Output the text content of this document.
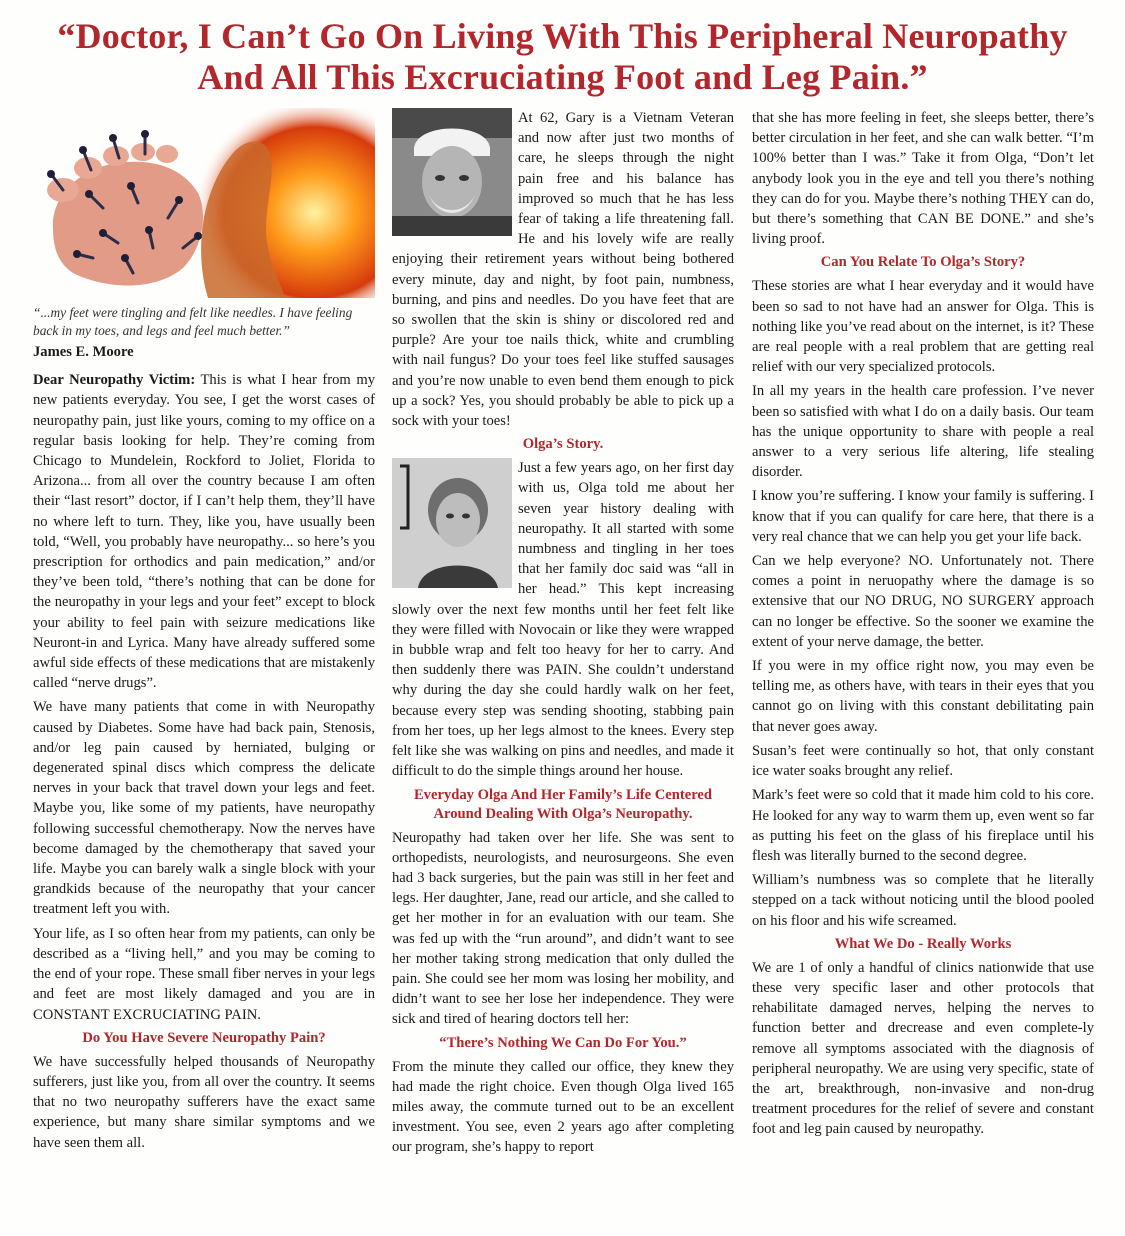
“Doctor, I Can’t Go On Living With This Peripheral Neuropathy
And All This Excruciating Foot and Leg Pain.”

“...my feet were tingling and felt like needles. I have feeling back in my toes, and legs and feel much better.”

James E. Moore

Dear Neuropathy Victim: This is what I hear from my new patients everyday. You see, I get the worst cases of neuropathy pain, just like yours, coming to my office on a regular basis looking for help. They’re coming from Chicago to Mundelein, Rockford to Joliet, Florida to Arizona... from all over the country because I am often their “last resort” doctor, if I can’t help them, they’ll have no where left to turn. They, like you, have usually been told, “Well, you probably have neuropathy... so here’s you prescription for orthodics and pain medication,” and/or they’ve been told, “there’s nothing that can be done for the neuropathy in your legs and your feet” except to block your ability to feel pain with seizure medications like Neuront-in and Lyrica. Many have already suffered some awful side effects of these medications that are mistakenly called “nerve drugs”.

We have many patients that come in with Neuropathy caused by Diabetes. Some have had back pain, Stenosis, and/or leg pain caused by herniated, bulging or degenerated spinal discs which compress the delicate nerves in your back that travel down your legs and feet. Maybe you, like some of my patients, have neuropathy following successful chemotherapy. Now the nerves have become damaged by the chemotherapy that saved your life. Maybe you can barely walk a single block with your grandkids because of the neuropathy that your cancer treatment left you with.

Your life, as I so often hear from my patients, can only be described as a “living hell,” and you may be coming to the end of your rope. These small fiber nerves in your legs and feet are most likely damaged and you are in CONSTANT EXCRUCIATING PAIN.

Do You Have Severe Neuropathy Pain?

We have successfully helped thousands of Neuropathy sufferers, just like you, from all over the country. It seems that no two neuropathy sufferers have the exact same experience, but many share similar symptoms and we have seen them all.

At 62, Gary is a Vietnam Veteran and now after just two months of care, he sleeps through the night pain free and his balance has improved so much that he has less fear of taking a life threatening fall. He and his lovely wife are really enjoying their retirement years without being bothered every minute, day and night, by foot pain, numbness, burning, and pins and needles. Do you have feet that are so swollen that the skin is shiny or discolored red and purple? Are your toe nails thick, white and crumbling with nail fungus? Do your toes feel like stuffed sausages and you’re now unable to even bend them enough to pick up a sock? Yes, you should probably be able to pick up a sock with your toes!

Olga’s Story.

Just a few years ago, on her first day with us, Olga told me about her seven year history dealing with neuropathy. It all started with some numbness and tingling in her toes that her family doc said was “all in her head.” This kept increasing slowly over the next few months until her feet felt like they were filled with Novocain or like they were wrapped in bubble wrap and felt too heavy for her to carry. And then suddenly there was PAIN. She couldn’t understand why during the day she could hardly walk on her feet, because every step was sending shooting, stabbing pain from her toes, up her legs almost to the knees. Every step felt like she was walking on pins and needles, and made it difficult to do the simple things around her house.

Everyday Olga And Her Family’s Life Centered Around Dealing With Olga’s Neuropathy.

Neuropathy had taken over her life. She was sent to orthopedists, neurologists, and neurosurgeons. She even had 3 back surgeries, but the pain was still in her feet and legs. Her daughter, Jane, read our article, and she called to get her mother in for an evaluation with our team. She was fed up with the “run around”, and didn’t want to see her mother taking strong medication that only dulled the pain. She could see her mom was losing her mobility, and didn’t want to see her lose her independence. They were sick and tired of hearing doctors tell her:

“There’s Nothing We Can Do For You.”

From the minute they called our office, they knew they had made the right choice. Even though Olga lived 165 miles away, the commute turned out to be an excellent investment. You see, even 2 years ago after completing our program, she’s happy to report

that she has more feeling in feet, she sleeps better, there’s better circulation in her feet, and she can walk better. “I’m 100% better than I was.” Take it from Olga, “Don’t let anybody look you in the eye and tell you there’s nothing they can do for you. Maybe there’s nothing THEY can do, but there’s something that CAN BE DONE.” and she’s living proof.

Can You Relate To Olga’s Story?

These stories are what I hear everyday and it would have been so sad to not have had an answer for Olga. This is nothing like you’ve read about on the internet, is it? These are real people with a real problem that are getting real relief with our very specialized protocols.

In all my years in the health care profession. I’ve never been so satisfied with what I do on a daily basis. Our team has the unique opportunity to share with people a real answer to a very serious life altering, life stealing disorder.

I know you’re suffering. I know your family is suffering. I know that if you can qualify for care here, that there is a very real chance that we can help you get your life back.

Can we help everyone? NO. Unfortunately not. There comes a point in neruopathy where the damage is so extensive that our NO DRUG, NO SURGERY approach can no longer be effective. So the sooner we examine the extent of your nerve damage, the better.

If you were in my office right now, you may even be telling me, as others have, with tears in their eyes that you cannot go on living with this constant debilitating pain that never goes away.

Susan’s feet were continually so hot, that only constant ice water soaks brought any relief.

Mark’s feet were so cold that it made him cold to his core. He looked for any way to warm them up, even went so far as putting his feet on the glass of his fireplace until his flesh was literally burned to the second degree.

William’s numbness was so complete that he literally stepped on a tack without noticing until the blood pooled on his floor and his wife screamed.

What We Do - Really Works

We are 1 of only a handful of clinics nationwide that use these very specific laser and other protocols that rehabilitate damaged nerves, helping the nerves to function better and drecrease and even complete-ly remove all symptoms associated with the diagnosis of peripheral neuropathy. We are using very specific, state of the art, breakthrough, non-invasive and non-drug treatment procedures for the relief of severe and constant foot and leg pain caused by neuropathy.
